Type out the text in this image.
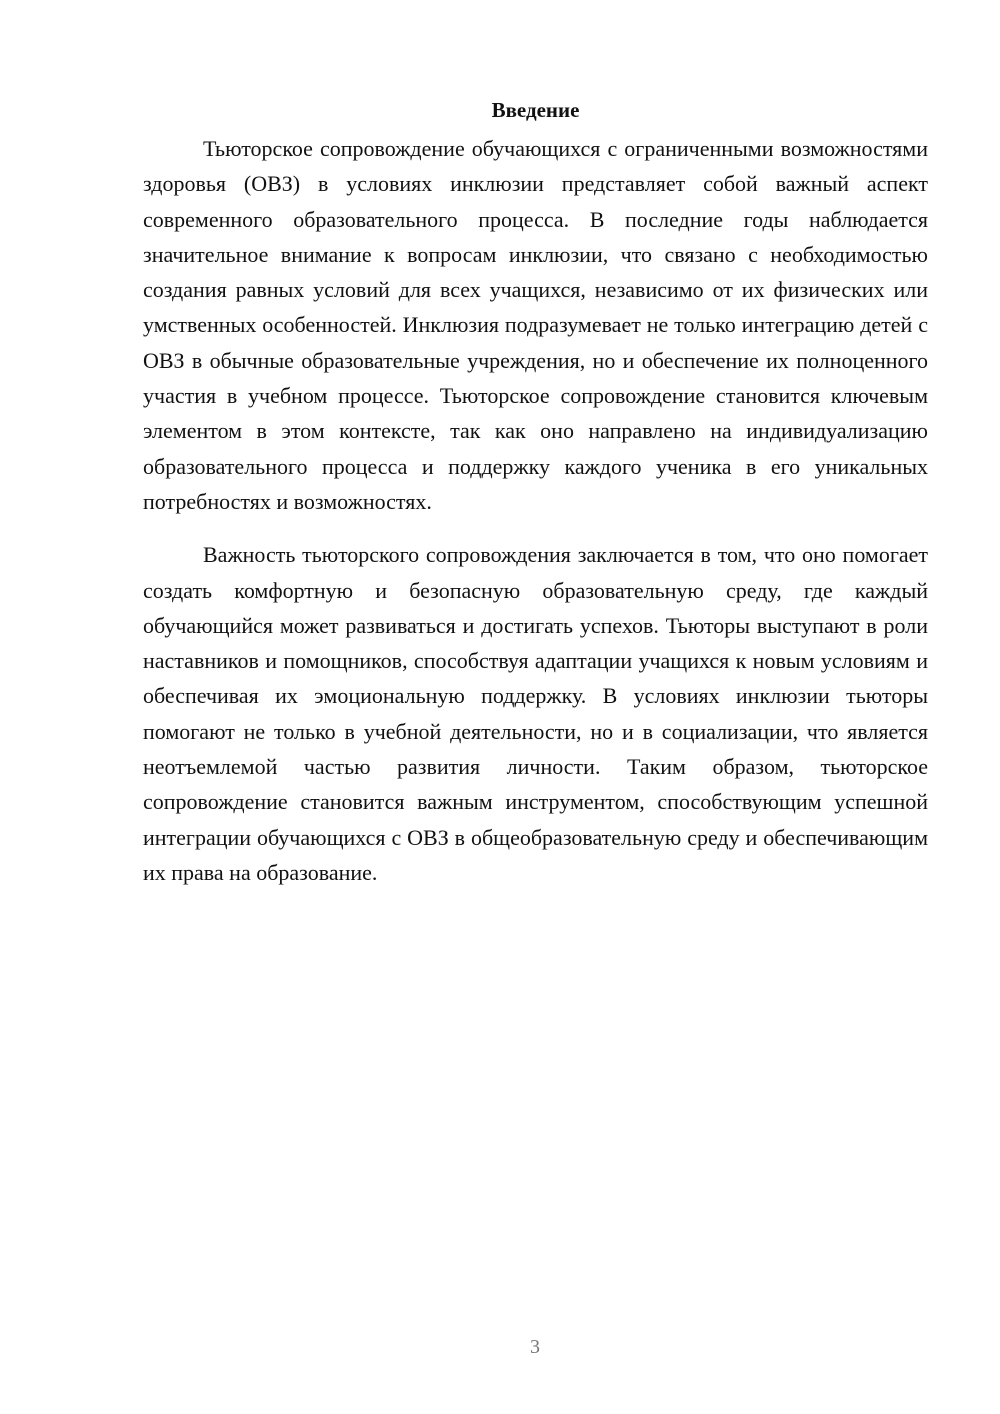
Введение

Тьюторское сопровождение обучающихся с ограниченными возможностями здоровья (ОВЗ) в условиях инклюзии представляет собой важный аспект современного образовательного процесса. В последние годы наблюдается значительное внимание к вопросам инклюзии, что связано с необходимостью создания равных условий для всех учащихся, независимо от их физических или умственных особенностей. Инклюзия подразумевает не только интеграцию детей с ОВЗ в обычные образовательные учреждения, но и обеспечение их полноценного участия в учебном процессе. Тьюторское сопровождение становится ключевым элементом в этом контексте, так как оно направлено на индивидуализацию образовательного процесса и поддержку каждого ученика в его уникальных потребностях и возможностях.

Важность тьюторского сопровождения заключается в том, что оно помогает создать комфортную и безопасную образовательную среду, где каждый обучающийся может развиваться и достигать успехов. Тьюторы выступают в роли наставников и помощников, способствуя адаптации учащихся к новым условиям и обеспечивая их эмоциональную поддержку. В условиях инклюзии тьюторы помогают не только в учебной деятельности, но и в социализации, что является неотъемлемой частью развития личности. Таким образом, тьюторское сопровождение становится важным инструментом, способствующим успешной интеграции обучающихся с ОВЗ в общеобразовательную среду и обеспечивающим их права на образование.

3
